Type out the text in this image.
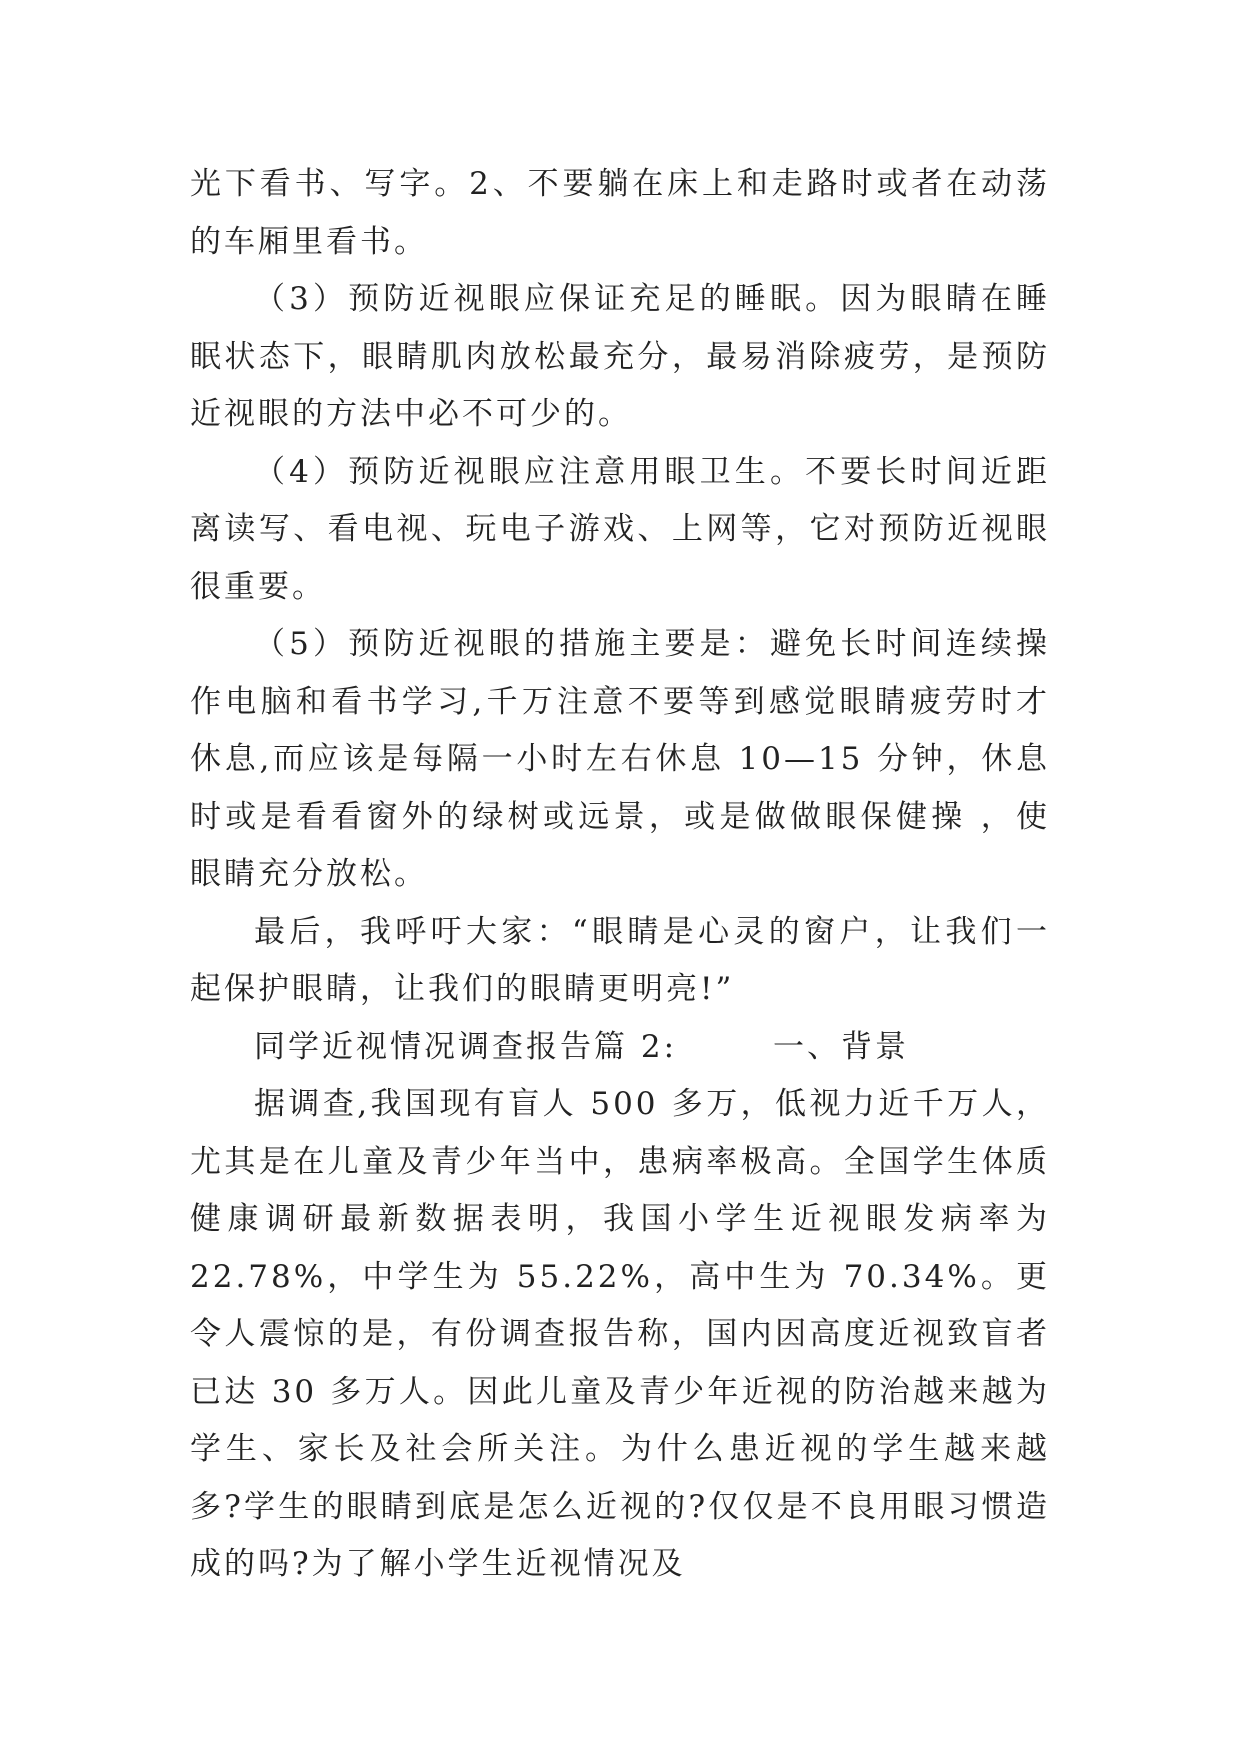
光下看书、写字。2、不要躺在床上和走路时或者在动荡的车厢里看书。

（3）预防近视眼应保证充足的睡眠。因为眼睛在睡眠状态下，眼睛肌肉放松最充分，最易消除疲劳，是预防近视眼的方法中必不可少的。

（4）预防近视眼应注意用眼卫生。不要长时间近距离读写、看电视、玩电子游戏、上网等，它对预防近视眼很重要。

（5）预防近视眼的措施主要是：避免长时间连续操作电脑和看书学习,千万注意不要等到感觉眼睛疲劳时才休息,而应该是每隔一小时左右休息 10—15 分钟，休息时或是看看窗外的绿树或远景，或是做做眼保健操 ，使眼睛充分放松。

最后，我呼吁大家：“眼睛是心灵的窗户，让我们一起保护眼睛，让我们的眼睛更明亮!”

同学近视情况调查报告篇 2:	一、背景

据调查,我国现有盲人 500 多万，低视力近千万人，尤其是在儿童及青少年当中，患病率极高。全国学生体质健康调研最新数据表明，我国小学生近视眼发病率为 22.78%，中学生为 55.22%，高中生为 70.34%。更令人震惊的是，有份调查报告称，国内因高度近视致盲者已达 30 多万人。因此儿童及青少年近视的防治越来越为学生、家长及社会所关注。为什么患近视的学生越来越多?学生的眼睛到底是怎么近视的?仅仅是不良用眼习惯造成的吗?为了解小学生近视情况及
